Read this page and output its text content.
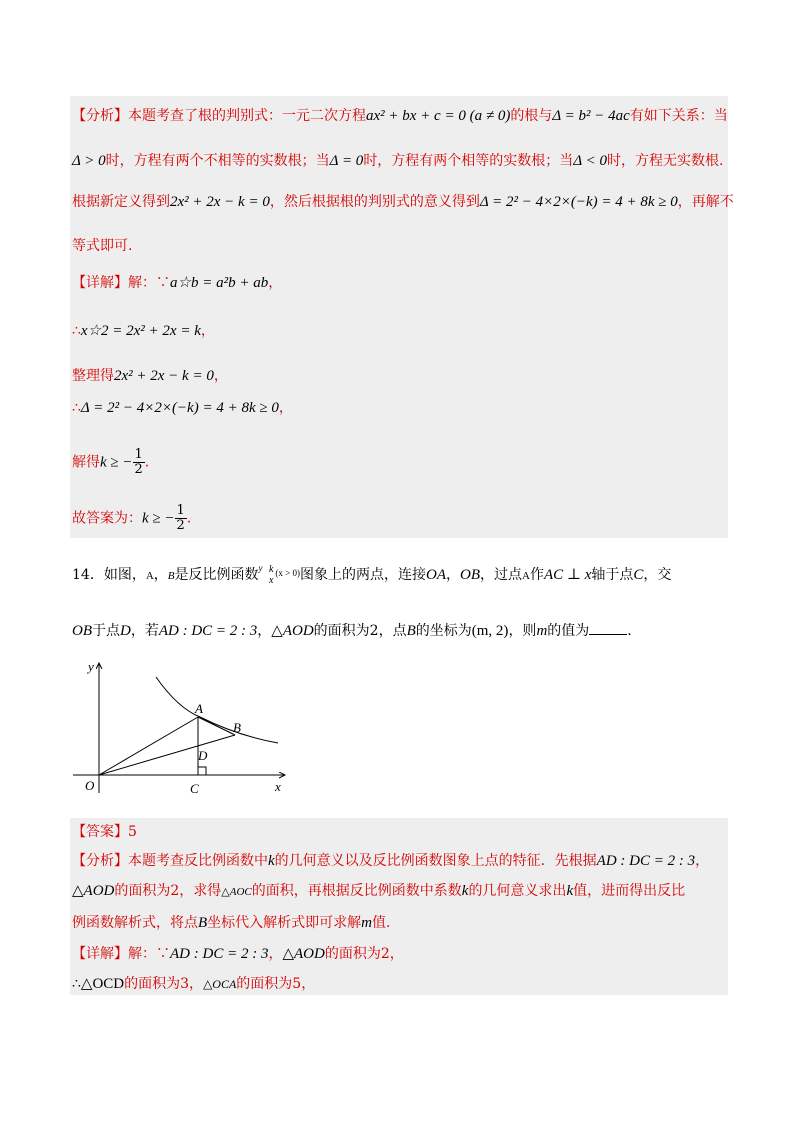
【分析】本题考查了根的判别式：一元二次方程ax² + bx + c = 0 (a ≠ 0)的根与Δ = b² − 4ac有如下关系：当
Δ > 0时，方程有两个不相等的实数根；当Δ = 0时，方程有两个相等的实数根；当Δ < 0时，方程无实数根.
根据新定义得到2x² + 2x − k = 0，然后根据根的判别式的意义得到Δ = 2² − 4×2×(−k) = 4 + 8k ≥ 0，再解不
等式即可.
【详解】解：∵a☆b = a²b + ab，
∴x☆2 = 2x² + 2x = k，
整理得2x² + 2x − k = 0，
∴Δ = 2² − 4×2×(−k) = 4 + 8k ≥ 0，
解得k ≥ − $\frac{1}{2}$ .
故答案为：k ≥ − $\frac{1}{2}$ .
14．如图，A，B是反比例函数$^y$ k
x
$^{(x > 0)}$图象上的两点，连接OA，OB，过点A作AC ⊥ x轴于点C，交
OB于点D，若AD : DC = 2 : 3，△AOD的面积为2，点B的坐标为(m, 2)，则m的值为	.
y
A
B
D
O	C	x
【答案】5
【分析】本题考查反比例函数中k的几何意义以及反比例函数图象上点的特征．先根据AD : DC = 2 : 3，
△AOD的面积为2，求得△AOC的面积，再根据反比例函数中系数k的几何意义求出k值，进而得出反比
例函数解析式，将点B坐标代入解析式即可求解m值.
【详解】解：∵AD : DC = 2 : 3，△AOD的面积为2，
∴△OCD的面积为3，△OCA的面积为5，
